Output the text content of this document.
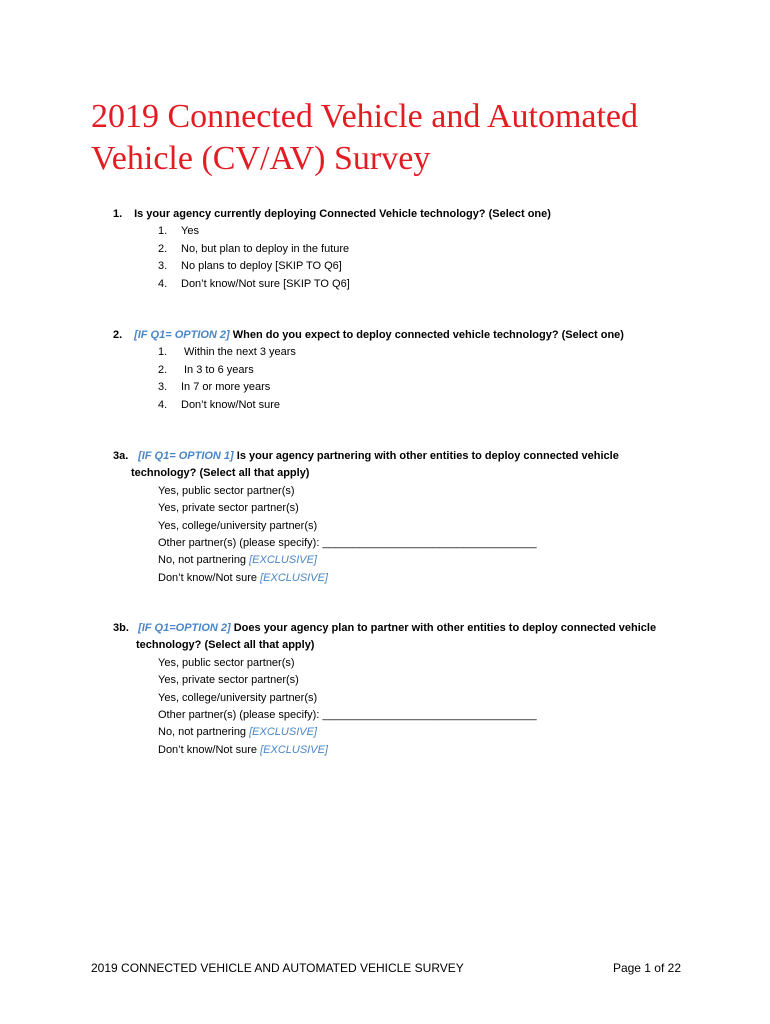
2019 Connected Vehicle and Automated
Vehicle (CV/AV) Survey
1. Is your agency currently deploying Connected Vehicle technology? (Select one)
1. Yes
2. No, but plan to deploy in the future
3. No plans to deploy [SKIP TO Q6]
4. Don’t know/Not sure [SKIP TO Q6]
2. [IF Q1= OPTION 2] When do you expect to deploy connected vehicle technology? (Select one)
1. Within the next 3 years
2. In 3 to 6 years
3. In 7 or more years
4. Don’t know/Not sure
3a. [IF Q1= OPTION 1] Is your agency partnering with other entities to deploy connected vehicle
technology? (Select all that apply)
Yes, public sector partner(s)
Yes, private sector partner(s)
Yes, college/university partner(s)
Other partner(s) (please specify): ___________________________________
No, not partnering [EXCLUSIVE]
Don’t know/Not sure [EXCLUSIVE]
3b. [IF Q1=OPTION 2] Does your agency plan to partner with other entities to deploy connected vehicle
technology? (Select all that apply)
Yes, public sector partner(s)
Yes, private sector partner(s)
Yes, college/university partner(s)
Other partner(s) (please specify): ___________________________________
No, not partnering [EXCLUSIVE]
Don’t know/Not sure [EXCLUSIVE]
2019 CONNECTED VEHICLE AND AUTOMATED VEHICLE SURVEY	Page 1 of 22
